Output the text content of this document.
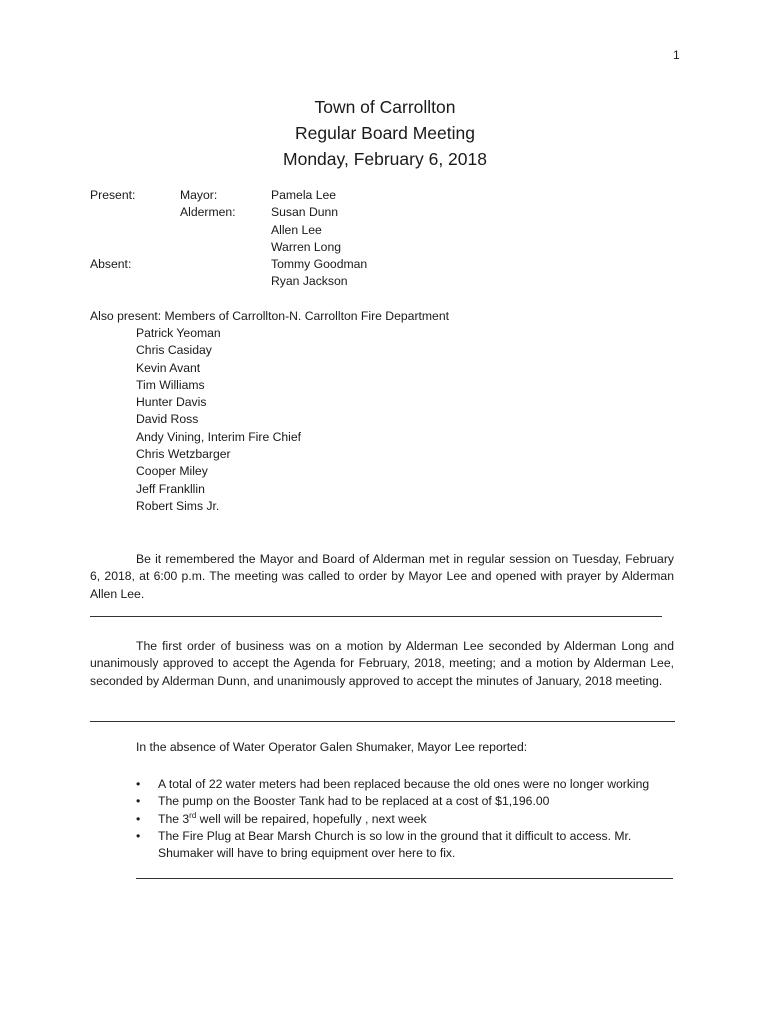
1
Town of Carrollton
Regular Board Meeting
Monday, February 6, 2018
Present:
Absent:
Mayor:
Aldermen:
Pamela Lee
Susan Dunn
Allen Lee
Warren Long
Tommy Goodman
Ryan Jackson
Also present: Members of Carrollton-N. Carrollton Fire Department
Patrick Yeoman
Chris Casiday
Kevin Avant
Tim Williams
Hunter Davis
David Ross
Andy Vining, Interim Fire Chief
Chris Wetzbarger
Cooper Miley
Jeff Frankllin
Robert Sims Jr.
Be it remembered the Mayor and Board of Alderman met in regular session on Tuesday, February 6, 2018, at 6:00 p.m. The meeting was called to order by Mayor Lee and opened with prayer by Alderman Allen Lee.
The first order of business was on a motion by Alderman Lee seconded by Alderman Long and unanimously approved to accept the Agenda for February, 2018, meeting; and a motion by Alderman Lee, seconded by Alderman Dunn, and unanimously approved to accept the minutes of January, 2018 meeting.
In the absence of Water Operator Galen Shumaker, Mayor Lee reported:
• A total of 22 water meters had been replaced because the old ones were no longer working
• The pump on the Booster Tank had to be replaced at a cost of $1,196.00
• The 3rd well will be repaired, hopefully , next week
• The Fire Plug at Bear Marsh Church is so low in the ground that it difficult to access. Mr. Shumaker will have to bring equipment over here to fix.
